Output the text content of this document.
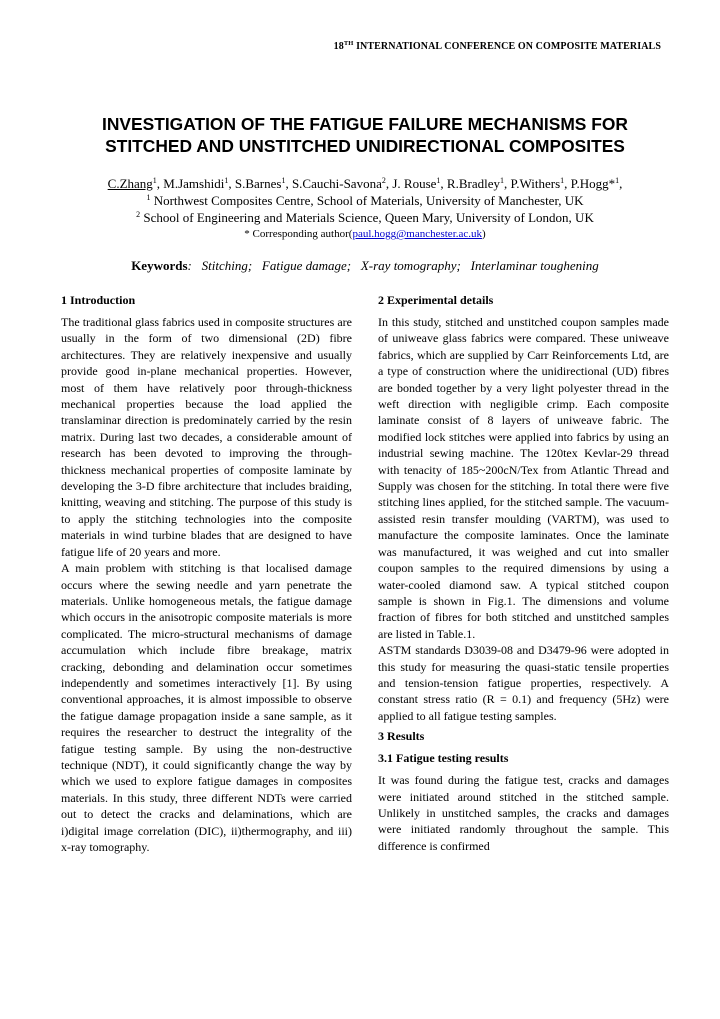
18TH INTERNATIONAL CONFERENCE ON COMPOSITE MATERIALS
INVESTIGATION OF THE FATIGUE FAILURE MECHANISMS FOR
STITCHED AND UNSTITCHED UNIDIRECTIONAL COMPOSITES
C.Zhang$^1$, M.Jamshidi$^1$, S.Barnes$^1$, S.Cauchi-Savona$^2$, J. Rouse$^1$, R.Bradley$^1$, P.Withers$^1$, P.Hogg*$^1$,
$^1$ Northwest Composites Centre, School of Materials, University of Manchester, UK
$^2$ School of Engineering and Materials Science, Queen Mary, University of London, UK
* Corresponding author(paul.hogg@manchester.ac.uk)
Keywords: Stitching; Fatigue damage; X-ray tomography; Interlaminar toughening
1 Introduction

The traditional glass fabrics used in composite structures are usually in the form of two dimensional (2D) fibre architectures. They are relatively inexpensive and usually provide good in-plane mechanical properties. However, most of them have relatively poor through-thickness mechanical properties because the load applied the translaminar direction is predominately carried by the resin matrix. During last two decades, a considerable amount of research has been devoted to improving the through-thickness mechanical properties of composite laminate by developing the 3-D fibre architecture that includes braiding, knitting, weaving and stitching. The purpose of this study is to apply the stitching technologies into the composite materials in wind turbine blades that are designed to have fatigue life of 20 years and more.

A main problem with stitching is that localised damage occurs where the sewing needle and yarn penetrate the materials. Unlike homogeneous metals, the fatigue damage which occurs in the anisotropic composite materials is more complicated. The micro-structural mechanisms of damage accumulation which include fibre breakage, matrix cracking, debonding and delamination occur sometimes independently and sometimes interactively [1]. By using conventional approaches, it is almost impossible to observe the fatigue damage propagation inside a sane sample, as it requires the researcher to destruct the integrality of the fatigue testing sample. By using the non-destructive technique (NDT), it could significantly change the way by which we used to explore fatigue damages in composites materials. In this study, three different NDTs were carried out to detect the cracks and delaminations, which are i)digital image correlation (DIC), ii)thermography, and iii) x-ray tomography.

2 Experimental details

In this study, stitched and unstitched coupon samples made of uniweave glass fabrics were compared. These uniweave fabrics, which are supplied by Carr Reinforcements Ltd, are a type of construction where the unidirectional (UD) fibres are bonded together by a very light polyester thread in the weft direction with negligible crimp. Each composite laminate consist of 8 layers of uniweave fabric. The modified lock stitches were applied into fabrics by using an industrial sewing machine. The 120tex Kevlar-29 thread with tenacity of 185~200cN/Tex from Atlantic Thread and Supply was chosen for the stitching. In total there were five stitching lines applied, for the stitched sample. The vacuum-assisted resin transfer moulding (VARTM), was used to manufacture the composite laminates. Once the laminate was manufactured, it was weighed and cut into smaller coupon samples to the required dimensions by using a water-cooled diamond saw. A typical stitched coupon sample is shown in Fig.1. The dimensions and volume fraction of fibres for both stitched and unstitched samples are listed in Table.1.

ASTM standards D3039-08 and D3479-96 were adopted in this study for measuring the quasi-static tensile properties and tension-tension fatigue properties, respectively. A constant stress ratio (R = 0.1) and frequency (5Hz) were applied to all fatigue testing samples.

3 Results
3.1 Fatigue testing results

It was found during the fatigue test, cracks and damages were initiated around stitched in the stitched sample. Unlikely in unstitched samples, the cracks and damages were initiated randomly throughout the sample. This difference is confirmed
